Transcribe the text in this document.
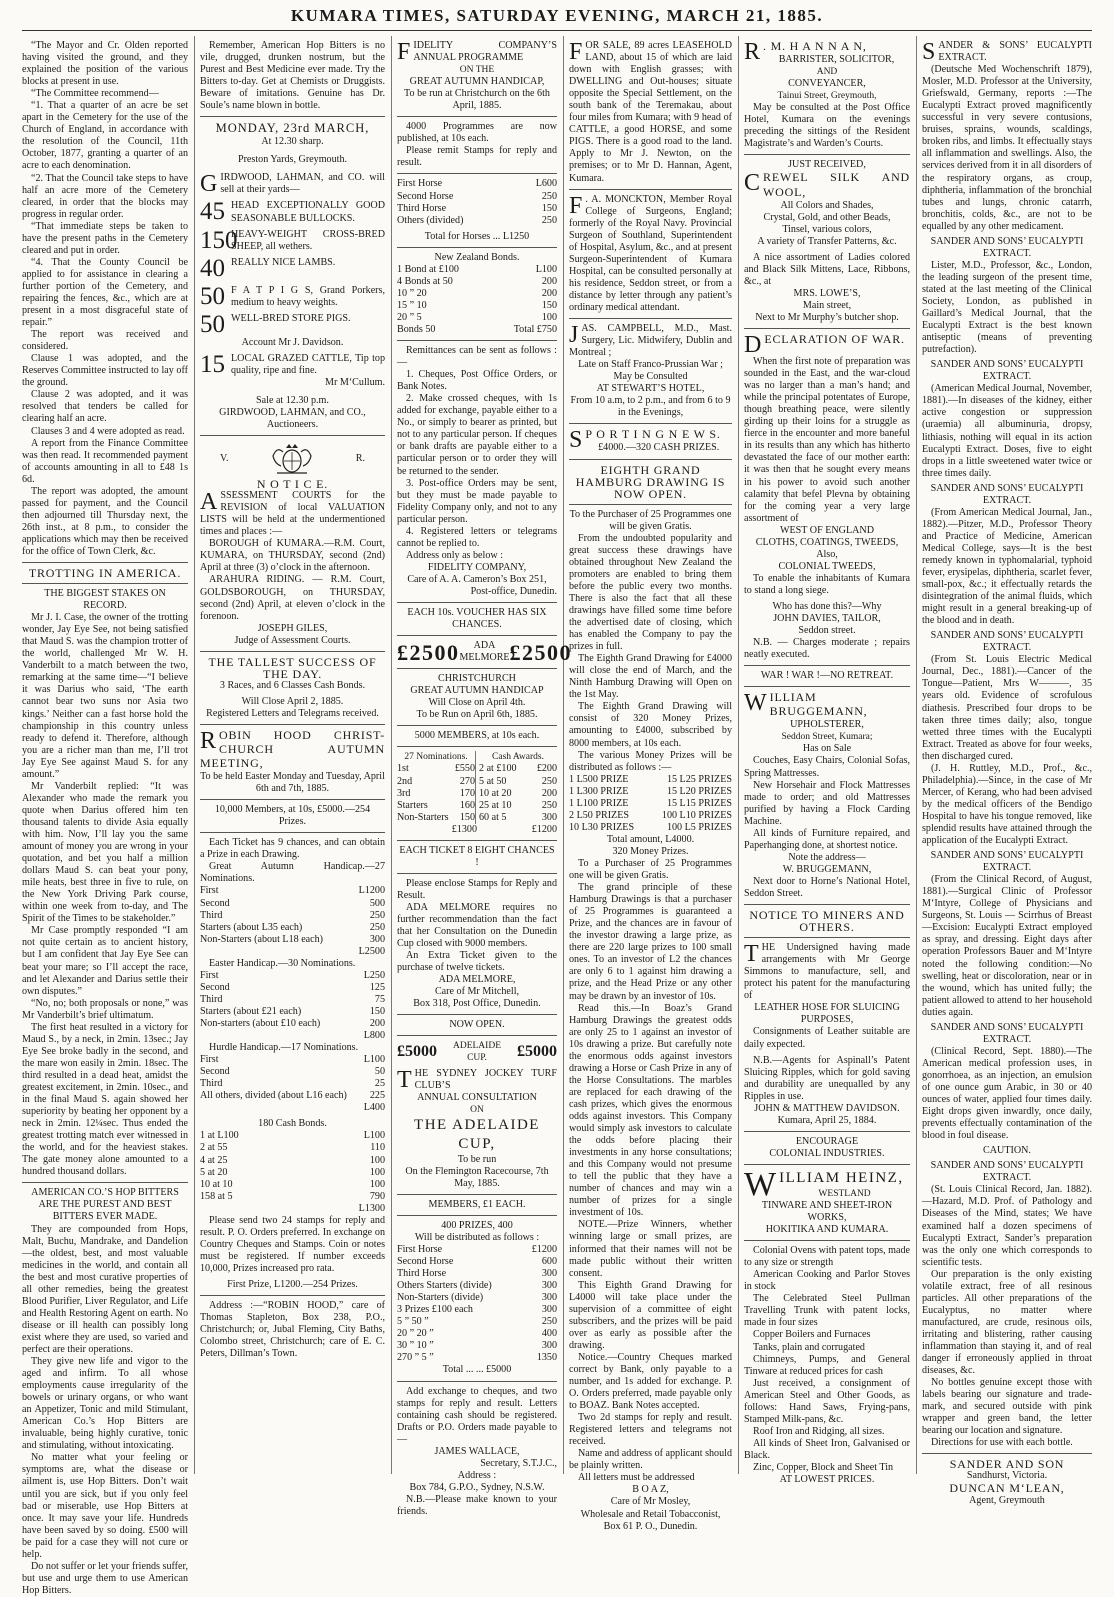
KUMARA TIMES, SATURDAY EVENING, MARCH 21, 1885.

“The Mayor and Cr. Olden reported having visited the ground, and they explained the position of the various blocks at present in use.

“The Committee recommend—

“1. That a quarter of an acre be set apart in the Cemetery for the use of the Church of England, in accordance with the resolution of the Council, 11th October, 1877, granting a quarter of an acre to each denomination.

“2. That the Council take steps to have half an acre more of the Cemetery cleared, in order that the blocks may progress in regular order.

“That immediate steps be taken to have the present paths in the Cemetery cleared and put in order.

“4. That the County Council be applied to for assistance in clearing a further portion of the Cemetery, and repairing the fences, &c., which are at present in a most disgraceful state of repair.”

The report was received and considered.

Clause 1 was adopted, and the Reserves Committee instructed to lay off the ground.

Clause 2 was adopted, and it was resolved that tenders be called for clearing half an acre.

Clauses 3 and 4 were adopted as read.

A report from the Finance Committee was then read. It recommended payment of accounts amounting in all to £48 1s 6d.

The report was adopted, the amount passed for payment, and the Council then adjourned till Thursday next, the 26th inst., at 8 p.m., to consider the applications which may then be received for the office of Town Clerk, &c.

TROTTING IN AMERICA.

THE BIGGEST STAKES ON RECORD.

Mr J. I. Case, the owner of the trotting wonder, Jay Eye See, not being satisfied that Maud S. was the champion trotter of the world, challenged Mr W. H. Vanderbilt to a match between the two, remarking at the same time—“I believe it was Darius who said, ‘The earth cannot bear two suns nor Asia two kings.’ Neither can a fast horse hold the championship in this country unless ready to defend it. Therefore, although you are a richer man than me, I’ll trot Jay Eye See against Maud S. for any amount.”

Mr Vanderbilt replied: “It was Alexander who made the remark you quote when Darius offered him ten thousand talents to divide Asia equally with him. Now, I’ll lay you the same amount of money you are wrong in your quotation, and bet you half a million dollars Maud S. can beat your pony, mile heats, best three in five to rule, on the New York Driving Park course, within one week from to-day, and The Spirit of the Times to be stakeholder.”

Mr Case promptly responded “I am not quite certain as to ancient history, but I am confident that Jay Eye See can beat your mare; so I’ll accept the race, and let Alexander and Darius settle their own disputes.”

“No, no; both proposals or none,” was Mr Vanderbilt’s brief ultimatum.

The first heat resulted in a victory for Maud S., by a neck, in 2min. 13sec.; Jay Eye See broke badly in the second, and the mare won easily in 2min. 18sec. The third resulted in a dead heat, amidst the greatest excitement, in 2min. 10sec., and in the final Maud S. again showed her superiority by beating her opponent by a neck in 2min. 12¼sec. Thus ended the greatest trotting match ever witnessed in the world, and for the heaviest stakes. The gate money alone amounted to a hundred thousand dollars.

AMERICAN CO.’S HOP BITTERS ARE THE PUREST AND BEST BITTERS EVER MADE.

They are compounded from Hops, Malt, Buchu, Mandrake, and Dandelion—the oldest, best, and most valuable medicines in the world, and contain all the best and most curative properties of all other remedies, being the greatest Blood Purifier, Liver Regulator, and Life and Health Restoring Agent on earth. No disease or ill health can possibly long exist where they are used, so varied and perfect are their operations.

They give new life and vigor to the aged and infirm. To all whose employments cause irregularity of the bowels or urinary organs, or who want an Appetizer, Tonic and mild Stimulant, American Co.’s Hop Bitters are invaluable, being highly curative, tonic and stimulating, without intoxicating.

No matter what your feeling or symptoms are, what the disease or ailment is, use Hop Bitters. Don’t wait until you are sick, but if you only feel bad or miserable, use Hop Bitters at once. It may save your life. Hundreds have been saved by so doing. £500 will be paid for a case they will not cure or help.

Do not suffer or let your friends suffer, but use and urge them to use American Hop Bitters.

Remember, American Hop Bitters is no vile, drugged, drunken nostrum, but the Purest and Best Medicine ever made. Try the Bitters to-day. Get at Chemists or Druggists. Beware of imitations. Genuine has Dr. Soule’s name blown in bottle.

MONDAY, 23rd MARCH,

At 12.30 sharp.

Preston Yards, Greymouth.

GIRDWOOD, LAHMAN, and CO. will sell at their yards—

45 HEAD EXCEPTIONALLY GOOD SEASONABLE BULLOCKS.
150
HEAVY-WEIGHT CROSS-BRED SHEEP, all wethers.
40 REALLY NICE LAMBS.
50 F A T P I G S, Grand Porkers, medium to heavy weights.
50 WELL-BRED STORE PIGS.

Account Mr J. Davidson.

15 LOCAL GRAZED CATTLE, Tip top quality, ripe and fine.

Mr M‘Cullum.

Sale at 12.30 p.m.

GIRDWOOD, LAHMAN, and CO., Auctioneers.

V.	R.

N O T I C E.

ASSESSMENT COURTS for the REVISION of local VALUATION LISTS will be held at the undermentioned times and places :—

BOROUGH of KUMARA.—R.M. Court, KUMARA, on THURSDAY, second (2nd) April at three (3) o’clock in the afternoon.

ARAHURA RIDING. — R.M. Court, GOLDSBOROUGH, on THURSDAY, second (2nd) April, at eleven o’clock in the forenoon.

JOSEPH GILES,

Judge of Assessment Courts.

THE TALLEST SUCCESS OF THE DAY.

3 Races, and 6 Classes Cash Bonds.

Will Close April 2, 1885.

Registered Letters and Telegrams received.

ROBIN HOOD CHRIST-CHURCH AUTUMN MEETING,

To be held Easter Monday and Tuesday, April 6th and 7th, 1885.

10,000 Members, at 10s, £5000.—254 Prizes.

Each Ticket has 9 chances, and can obtain a Prize in each Drawing.

Great Autumn Handicap.—27 Nominations.

First	L1200
Second	500
Third	250
Starters (about L35 each)	250
Non-Starters (about L18 each)	300

L2500

Easter Handicap.—30 Nominations.

First	L250
Second	125
Third	75
Starters (about £21 each)	150
Non-starters (about £10 each)	200

L800

Hurdle Handicap.—17 Nominations.

First	L100
Second	50
Third	25
All others, divided (about L16 each) 225

L400

180 Cash Bonds.

1 at L100	L100
2 at 55	110
4 at 25	100
5 at 20	100
10 at 10	100
158 at 5	790

L1300

Please send two 24 stamps for reply and result. P. O. Orders preferred. In exchange on Country Cheques and Stamps. Coin or notes must be registered. If number exceeds 10,000, Prizes increased pro rata.

First Prize, L1200.—254 Prizes.

Address :—“ROBIN HOOD,” care of Thomas Stapleton, Box 238, P.O., Christchurch; or, Jubal Fleming, City Baths, Colombo street, Christchurch; care of E. C. Peters, Dillman’s Town.

FIDELITY COMPANY’S ANNUAL PROGRAMME

ON THE

GREAT AUTUMN HANDICAP,

To be run at Christchurch on the 6th April, 1885.

4000 Programmes are now published, at 10s each.

Please remit Stamps for reply and result.

First Horse	L600
Second Horse	250
Third Horse	150
Others (divided)	250

Total for Horses ... L1250

New Zealand Bonds.

1 Bond at £100	L100
4 Bonds at 50	200
10 ” 20	200
15 ” 10	150
20 ” 5	100
Bonds 50	Total £750

Remittances can be sent as follows :—

1. Cheques, Post Office Orders, or Bank Notes.

2. Make crossed cheques, with 1s added for exchange, payable either to a No., or simply to bearer as printed, but not to any particular person. If cheques or bank drafts are payable either to a particular person or to order they will be returned to the sender.

3. Post-office Orders may be sent, but they must be made payable to Fidelity Company only, and not to any particular person.

4. Registered letters or telegrams cannot be replied to.

Address only as below :

FIDELITY COMPANY,

Care of A. A. Cameron’s Box 251,

Post-office, Dunedin.

EACH 10s. VOUCHER HAS SIX CHANCES.

£2500	ADA MELMORE £2500

CHRISTCHURCH

GREAT AUTUMN HANDICAP

Will Close on April 4th.

To be Run on April 6th, 1885.

5000 MEMBERS, at 10s each.

27 Nominations.

1st	£550
2nd	270
3rd	170
Starters	160
Non-Starters 150

Cash Awards.

2 at £100 £200
5 at 50	250
10 at 20	200
25 at 10	250
60 at 5	300
£1300	£1200

EACH TICKET 8 EIGHT CHANCES !

Please enclose Stamps for Reply and Result.

ADA MELMORE requires no further recommendation than the fact that her Consultation on the Dunedin Cup closed with 9000 members.

An Extra Ticket given to the purchase of twelve tickets.

ADA MELMORE,

Care of Mr Mitchell,

Box 318, Post Office, Dunedin.

NOW OPEN.

£5000 ADELAIDE CUP.	£5000

THE SYDNEY JOCKEY TURF CLUB’S

ANNUAL CONSULTATION

ON

THE ADELAIDE CUP,

To be run

On the Flemington Racecourse, 7th May, 1885.

MEMBERS, £1 EACH.

400 PRIZES, 400

Will be distributed as follows :

First Horse	£1200
Second Horse	600
Third Horse	300
Others Starters (divide)	300
Non-Starters (divide)	300
3 Prizes £100 each	300
5 ” 50 ”	250
20 ” 20 ”	400
30 ” 10 ”	300
270 ” 5 ”	1350

Total ... ... £5000

Add exchange to cheques, and two stamps for reply and result. Letters containing cash should be registered. Drafts or P.O. Orders made payable to—

JAMES WALLACE,

Secretary, S.T.J.C.,

Address :

Box 784, G.P.O., Sydney, N.S.W.

N.B.—Please make known to your friends.

FOR SALE, 89 acres LEASEHOLD LAND, about 15 of which are laid down with English grasses; with DWELLING and Out-houses; situate opposite the Special Settlement, on the south bank of the Teremakau, about four miles from Kumara; with 9 head of CATTLE, a good HORSE, and some PIGS. There is a good road to the land. Apply to Mr J. Newton, on the premises; or to Mr D. Hannan, Agent, Kumara.

F . A. MONCKTON, Member Royal College of Surgeons, England; formerly of the Royal Navy. Provincial Surgeon of Southland, Superintendent of Hospital, Asylum, &c., and at present Surgeon-Superintendent of Kumara Hospital, can be consulted personally at his residence, Seddon street, or from a distance by letter through any patient’s ordinary medical attendant.

JAS. CAMPBELL, M.D., Mast. Surgery, Lic. Midwifery, Dublin and Montreal ;

Late on Staff Franco-Prussian War ;

May be Consulted

AT STEWART’S HOTEL,

From 10 a.m, to 2 p.m., and from 6 to 9 in the Evenings,

S P O R T I N G N E W S.

£4000.—320 CASH PRIZES.

EIGHTH GRAND HAMBURG DRAWING IS NOW OPEN.

To the Purchaser of 25 Programmes one will be given Gratis.

From the undoubted popularity and great success these drawings have obtained throughout New Zealand the promoters are enabled to bring them before the public every two months. There is also the fact that all these drawings have filled some time before the advertised date of closing, which has enabled the Company to pay the prizes in full.

The Eighth Grand Drawing for £4000 will close the end of March, and the Ninth Hamburg Drawing will Open on the 1st May.

The Eighth Grand Drawing will consist of 320 Money Prizes, amounting to £4000, subscribed by 8000 members, at 10s each.

The various Money Prizes will be distributed as follows :—

1 L500 PRIZE	15 L25 PRIZES
1 L300 PRIZE	15 L20 PRIZES
1 L100 PRIZE	15 L15 PRIZES
2 L50 PRIZES	100 L10 PRIZES
10 L30 PRIZES	100 L5 PRIZES

Total amount, L4000.

320 Money Prizes.

To a Purchaser of 25 Programmes one will be given Gratis.

The grand principle of these Hamburg Drawings is that a purchaser of 25 Programmes is guaranteed a Prize, and the chances are in favour of the investor drawing a large prize, as there are 220 large prizes to 100 small ones. To an investor of L2 the chances are only 6 to 1 against him drawing a prize, and the Head Prize or any other may be drawn by an investor of 10s.

Read this.—In Boaz’s Grand Hamburg Drawings the greatest odds are only 25 to 1 against an investor of 10s drawing a prize. But carefully note the enormous odds against investors drawing a Horse or Cash Prize in any of the Horse Consultations. The marbles are replaced for each drawing of the cash prizes, which gives the enormous odds against investors. This Company would simply ask investors to calculate the odds before placing their investments in any horse consultations; and this Company would not presume to tell the public that they have a number of chances and may win a number of prizes for a single investment of 10s.

NOTE.—Prize Winners, whether winning large or small prizes, are informed that their names will not be made public without their written consent.

This Eighth Grand Drawing for L4000 will take place under the supervision of a committee of eight subscribers, and the prizes will be paid over as early as possible after the drawing.

Notice.—Country Cheques marked correct by Bank, only payable to a number, and 1s added for exchange. P. O. Orders preferred, made payable only to BOAZ. Bank Notes accepted.

Two 2d stamps for reply and result. Registered letters and telegrams not received.

Name and address of applicant should be plainly written.

All letters must be addressed

B O A Z,

Care of Mr Mosley,

Wholesale and Retail Tobacconist,

Box 61 P. O., Dunedin.

R . M. H A N N A N,

BARRISTER, SOLICITOR,

AND

CONVEYANCER,

Tainui Street, Greymouth,

May be consulted at the Post Office Hotel, Kumara on the evenings preceding the sittings of the Resident Magistrate’s and Warden’s Courts.

JUST RECEIVED,

CREWEL SILK AND WOOL,

All Colors and Shades,

Crystal, Gold, and other Beads,

Tinsel, various colors,

A variety of Transfer Patterns, &c.

A nice assortment of Ladies colored and Black Silk Mittens, Lace, Ribbons, &c., at

MRS. LOWE’S,

Main street,

Next to Mr Murphy’s butcher shop.

DECLARATION OF WAR.

When the first note of preparation was sounded in the East, and the war-cloud was no larger than a man’s hand; and while the principal potentates of Europe, though breathing peace, were silently girding up their loins for a struggle as fierce in the encounter and more baneful in its results than any which has hitherto devastated the face of our mother earth: it was then that he sought every means in his power to avoid such another calamity that befel Plevna by obtaining for the coming year a very large assortment of

WEST OF ENGLAND

CLOTHS, COATINGS, TWEEDS,

Also,

COLONIAL TWEEDS,

To enable the inhabitants of Kumara to stand a long siege.

Who has done this?—Why

JOHN DAVIES, TAILOR,

Seddon street.

N.B. — Charges moderate ; repairs neatly executed.

WAR ! WAR !—NO RETREAT.

WILLIAM BRUGGEMANN,

UPHOLSTERER,

Seddon Street, Kumara;

Has on Sale

Couches, Easy Chairs, Colonial Sofas, Spring Mattresses.

New Horsehair and Flock Mattresses made to order; and old Mattresses purified by having a Flock Carding Machine.

All kinds of Furniture repaired, and Paperhanging done, at shortest notice.

Note the address—

W. BRUGGEMANN,

Next door to Horne’s National Hotel, Seddon Street.

NOTICE TO MINERS AND OTHERS.

THE Undersigned having made arrangements with Mr George Simmons to manufacture, sell, and protect his patent for the manufacturing of

LEATHER HOSE FOR SLUICING PURPOSES,

Consignments of Leather suitable are daily expected.

N.B.—Agents for Aspinall’s Patent Sluicing Ripples, which for gold saving and durability are unequalled by any Ripples in use.

JOHN & MATTHEW DAVIDSON.

Kumara, April 25, 1884.

ENCOURAGE

COLONIAL INDUSTRIES.

WILLIAM HEINZ,

WESTLAND

TINWARE AND SHEET-IRON WORKS,

HOKITIKA AND KUMARA.

Colonial Ovens with patent tops, made to any size or strength

American Cooking and Parlor Stoves in stock

The Celebrated Steel Pullman Travelling Trunk with patent locks, made in four sizes

Copper Boilers and Furnaces

Tanks, plain and corrugated

Chimneys, Pumps, and General Tinware at reduced prices for cash

Just received, a consignment of American Steel and Other Goods, as follows: Hand Saws, Frying-pans, Stamped Milk-pans, &c.

Roof Iron and Ridging, all sizes.

All kinds of Sheet Iron, Galvanised or Black.

Zinc, Copper, Block and Sheet Tin

AT LOWEST PRICES.

SANDER & SONS’ EUCALYPTI EXTRACT.

(Deutsche Med Wochenschrift 1879), Mosler, M.D. Professor at the University, Griefswald, Germany, reports :—The Eucalypti Extract proved magnificently successful in very severe contusions, bruises, sprains, wounds, scaldings, broken ribs, and limbs. It effectually stays all inflammation and swellings. Also, the services derived from it in all disorders of the respiratory organs, as croup, diphtheria, inflammation of the bronchial tubes and lungs, chronic catarrh, bronchitis, colds, &c., are not to be equalled by any other medicament.

SANDER AND SONS’ EUCALYPTI EXTRACT.

Lister, M.D., Professor, &c., London, the leading surgeon of the present time, stated at the last meeting of the Clinical Society, London, as published in Gaillard’s Medical Journal, that the Eucalypti Extract is the best known antiseptic (means of preventing putrefaction).

SANDER AND SONS’ EUCALYPTI EXTRACT.

(American Medical Journal, November, 1881).—In diseases of the kidney, either active congestion or suppression (uraemia) all albuminuria, dropsy, lithiasis, nothing will equal in its action Eucalypti Extract. Doses, five to eight drops in a little sweetened water twice or three times daily.

SANDER AND SONS’ EUCALYPTI EXTRACT.

(From American Medical Journal, Jan., 1882).—Pitzer, M.D., Professor Theory and Practice of Medicine, American Medical College, says—It is the best remedy known in typhomalarial, typhoid fever, erysipelas, diphtheria, scarlet fever, small-pox, &c.; it effectually retards the disintegration of the animal fluids, which might result in a general breaking-up of the blood and in death.

SANDER AND SONS’ EUCALYPTI EXTRACT.

(From St. Louis Electric Medical Journal, Dec., 1881).—Cancer of the Tongue—Patient, Mrs W———, 35 years old. Evidence of scrofulous diathesis. Prescribed four drops to be taken three times daily; also, tongue wetted three times with the Eucalypti Extract. Treated as above for four weeks, then discharged cured.

(J. H. Ruttley, M.D., Prof., &c., Philadelphia).—Since, in the case of Mr Mercer, of Kerang, who had been advised by the medical officers of the Bendigo Hospital to have his tongue removed, like splendid results have attained through the application of the Eucalypti Extract.

SANDER AND SONS’ EUCALYPTI EXTRACT.

(From the Clinical Record, of August, 1881).—Surgical Clinic of Professor M‘Intyre, College of Physicians and Surgeons, St. Louis — Scirrhus of Breast—Excision: Eucalypti Extract employed as spray, and dressing. Eight days after operation Professors Bauer and M‘Intyre noted the following condition:—No swelling, heat or discoloration, near or in the wound, which has united fully; the patient allowed to attend to her household duties again.

SANDER AND SONS’ EUCALYPTI EXTRACT.

(Clinical Record, Sept. 1880).—The American medical profession uses, in gonorrhoea, as an injection, an emulsion of one ounce gum Arabic, in 30 or 40 ounces of water, applied four times daily. Eight drops given inwardly, once daily, prevents effectually contamination of the blood in foul disease.

CAUTION.

SANDER AND SONS’ EUCALYPTI EXTRACT.

(St. Louis Clinical Record, Jan. 1882).—Hazard, M.D. Prof. of Pathology and Diseases of the Mind, states; We have examined half a dozen specimens of Eucalypti Extract, Sander’s preparation was the only one which corresponds to scientific tests.

Our preparation is the only existing volatile extract, free of all resinous particles. All other preparations of the Eucalyptus, no matter where manufactured, are crude, resinous oils, irritating and blistering, rather causing inflammation than staying it, and of real danger if erroneously applied in throat diseases, &c.

No bottles genuine except those with labels bearing our signature and trade-mark, and secured outside with pink wrapper and green band, the letter bearing our location and signature.

Directions for use with each bottle.

SANDER AND SON

Sandhurst, Victoria.

DUNCAN M‘LEAN,

Agent, Greymouth
